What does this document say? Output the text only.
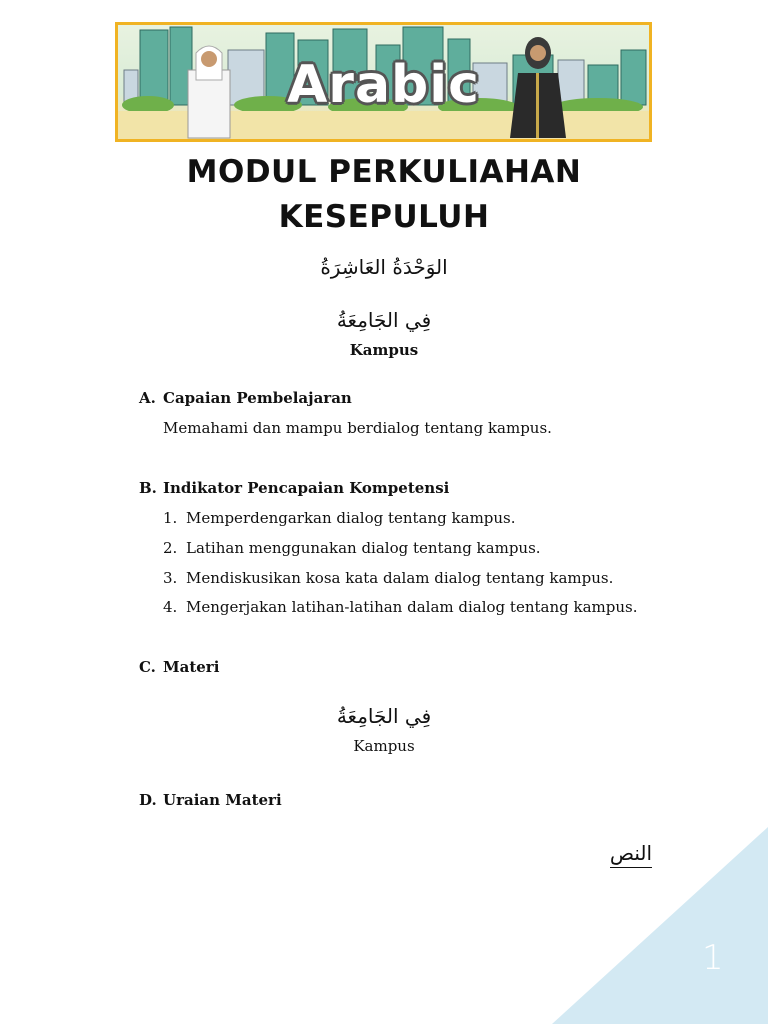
Arabic
MODUL PERKULIAHAN
KESEPULUH
الوَحْدَةُ العَاشِرَةُ
فِي الجَامِعَةُ
Kampus
A. Capaian Pembelajaran
Memahami dan mampu berdialog tentang kampus.
B. Indikator Pencapaian Kompetensi
1. Memperdengarkan dialog tentang kampus.
2. Latihan menggunakan dialog tentang kampus.
3. Mendiskusikan kosa kata dalam dialog tentang kampus.
4. Mengerjakan latihan-latihan dalam dialog tentang kampus.
C. Materi
فِي الجَامِعَةُ
Kampus
D. Uraian Materi
النص
1
